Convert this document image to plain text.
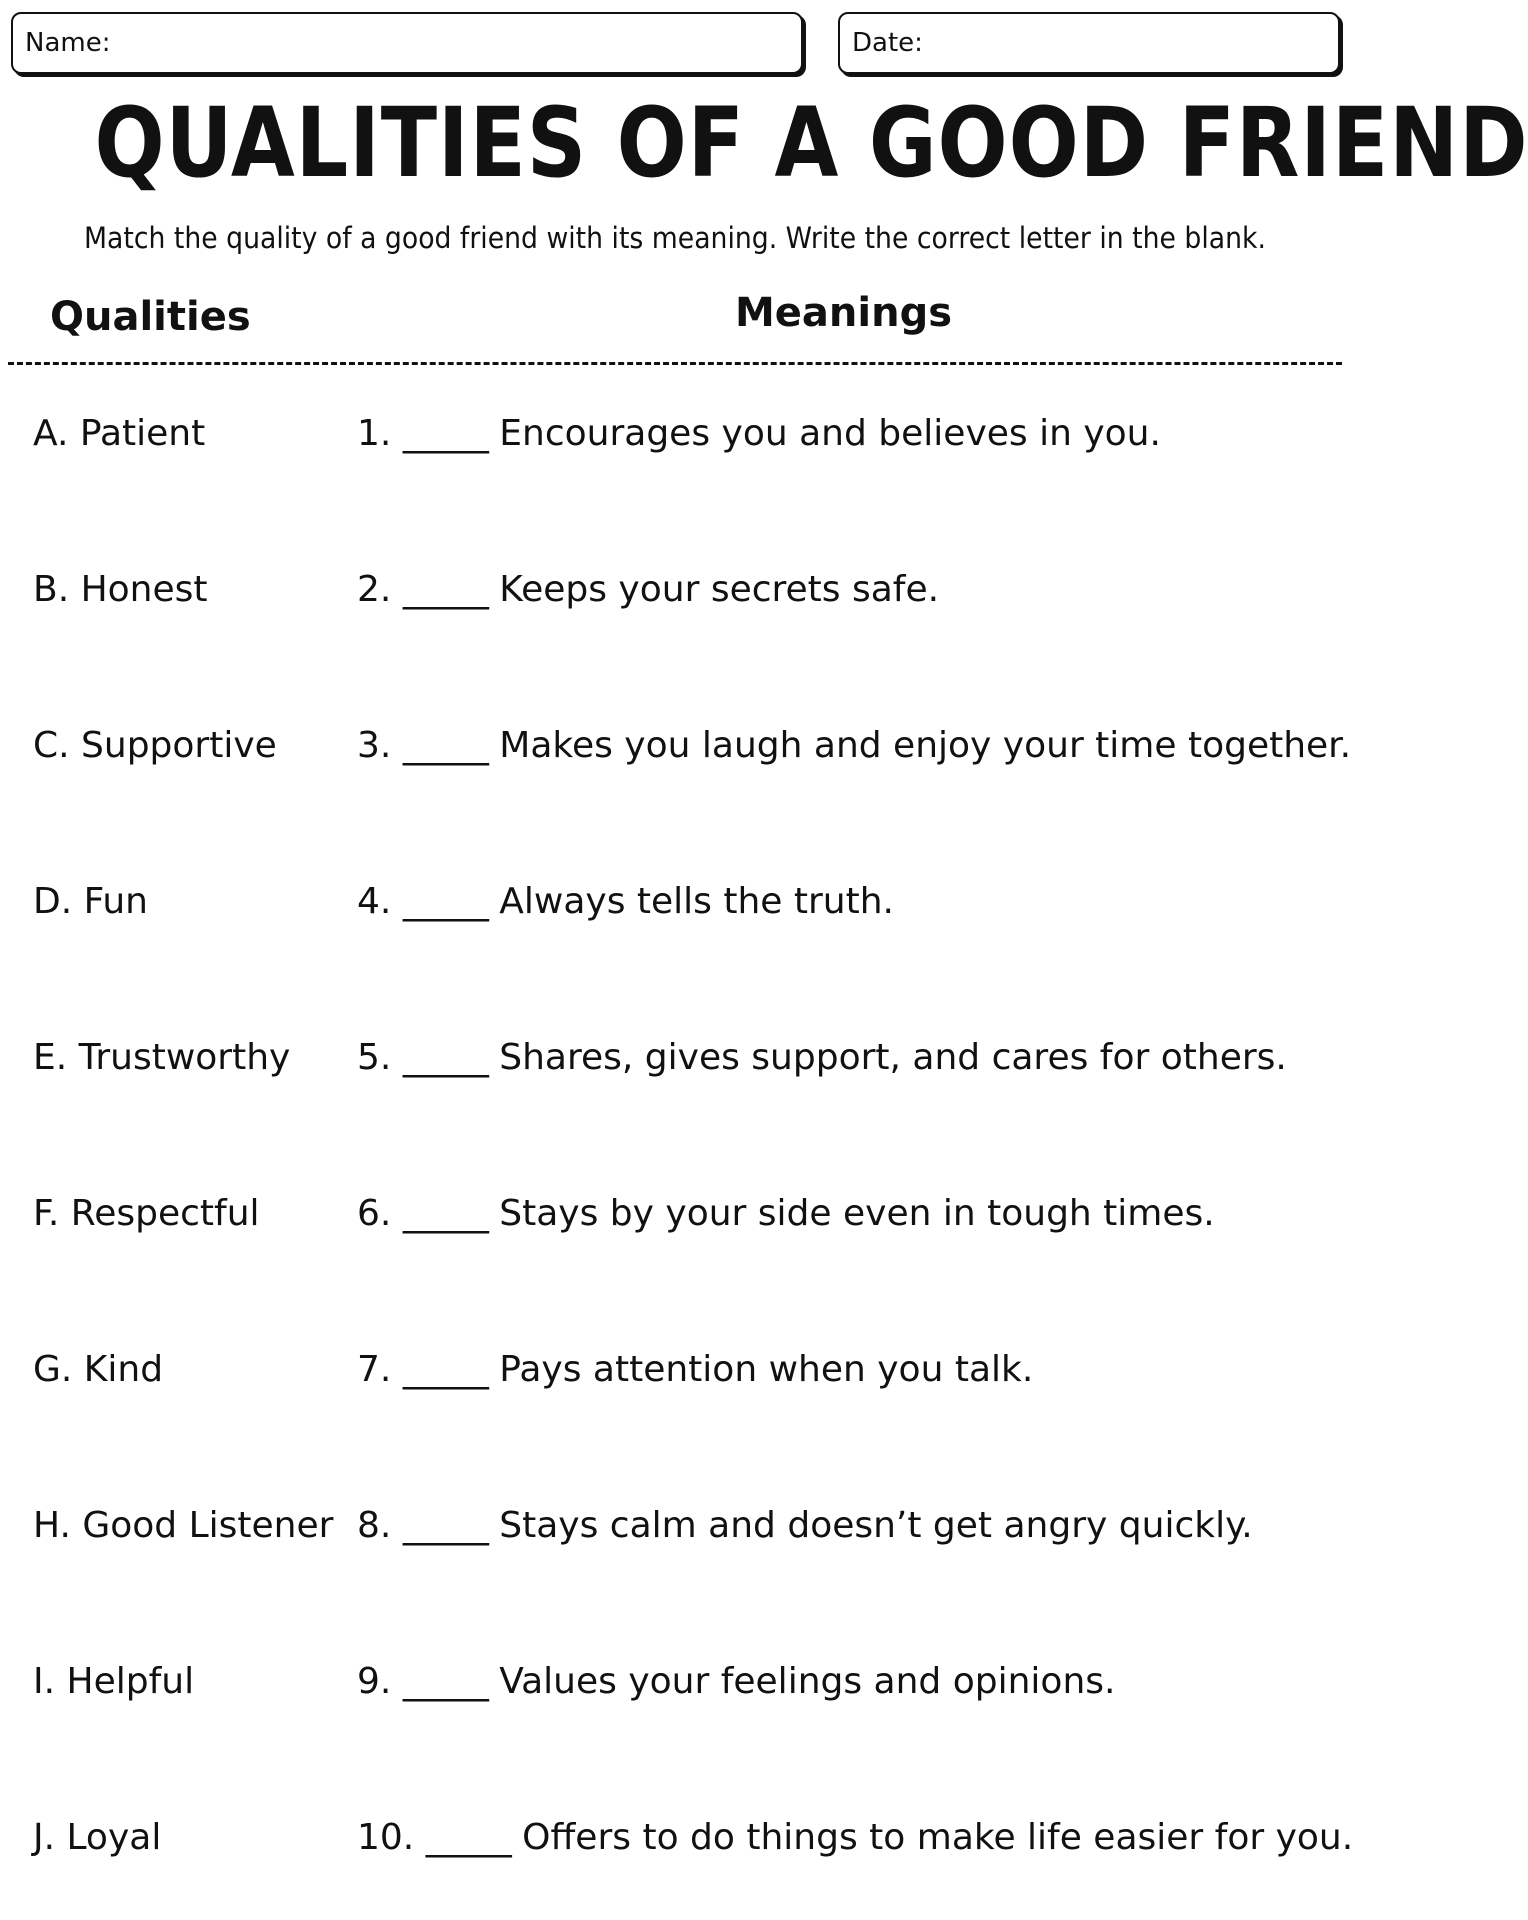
Name:	Date:
QUALITIES OF A GOOD FRIEND
Match the quality of a good friend with its meaning. Write the correct letter in the blank.
Qualities	Meanings
A. Patient	1. _____ Encourages you and believes in you.
B. Honest	2. _____ Keeps your secrets safe.
C. Supportive 3. _____ Makes you laugh and enjoy your time together.
D. Fun	4. _____ Always tells the truth.
E. Trustworthy 5. _____ Shares, gives support, and cares for others.
F. Respectful	6. _____ Stays by your side even in tough times.
G. Kind	7. _____ Pays attention when you talk.
H. Good Listener 8. _____ Stays calm and doesn’t get angry quickly.
I. Helpful	9. _____ Values your feelings and opinions.
J. Loyal	10. _____ Offers to do things to make life easier for you.
